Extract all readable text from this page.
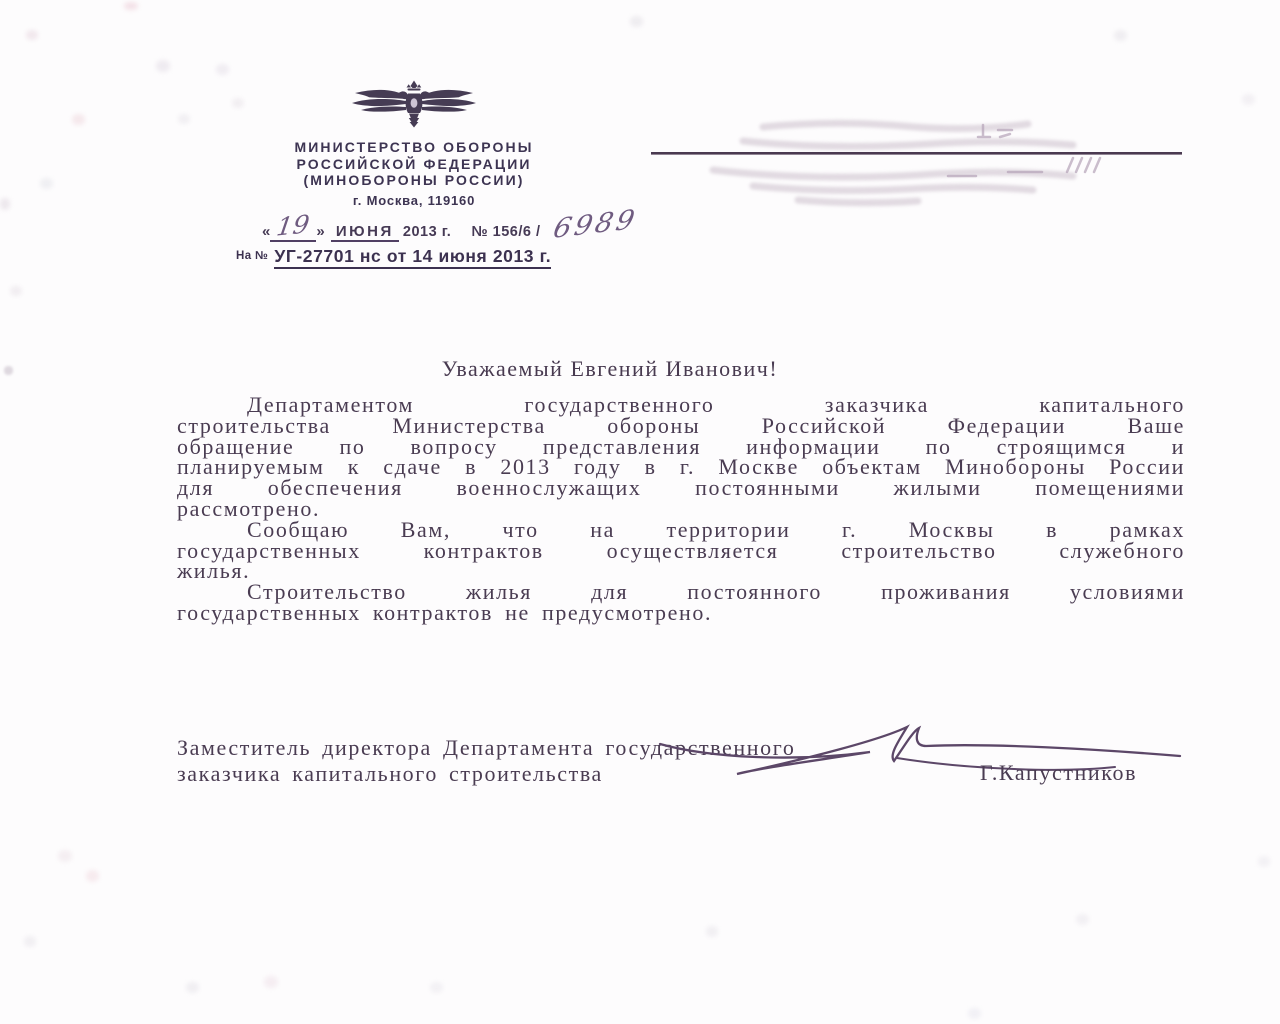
МИНИСТЕРСТВО ОБОРОНЫ
РОССИЙСКОЙ ФЕДЕРАЦИИ
(МИНОБОРОНЫ РОССИИ)
г. Москва, 119160
« 19 » ИЮНЯ 2013 г. № 156/6 / 6989
На № УГ-27701 нс от 14 июня 2013 г.
Уважаемый Евгений Иванович!
Департаментом государственного заказчика капитального
строительства Министерства обороны Российской Федерации Ваше
обращение по вопросу представления информации по строящимся и
планируемым к сдаче в 2013 году в г. Москве объектам Минобороны России
для обеспечения военнослужащих постоянными жилыми помещениями
рассмотрено.
Сообщаю Вам, что на территории г. Москвы в рамках
государственных контрактов осуществляется строительство служебного
жилья.
Строительство жилья для постоянного проживания условиями
государственных контрактов не предусмотрено.
Заместитель директора Департамента государственного
заказчика капитального строительства	Г.Капустников
